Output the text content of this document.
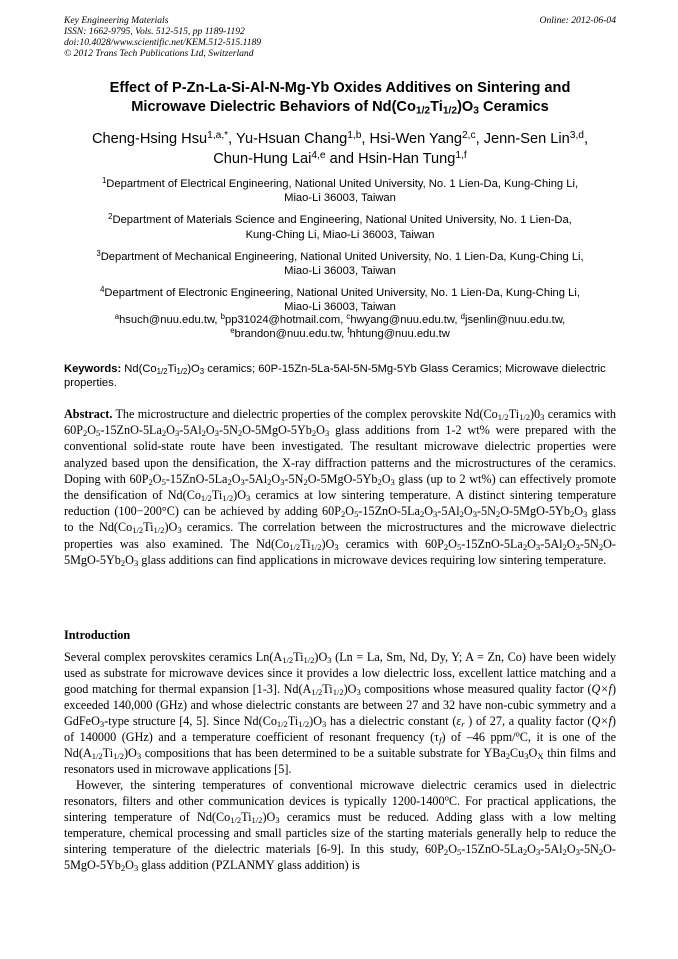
Key Engineering Materials
ISSN: 1662-9795, Vols. 512-515, pp 1189-1192
doi:10.4028/www.scientific.net/KEM.512-515.1189
© 2012 Trans Tech Publications Ltd, Switzerland
Online: 2012-06-04
Effect of P-Zn-La-Si-Al-N-Mg-Yb Oxides Additives on Sintering and
Microwave Dielectric Behaviors of $Nd(Co_{1/2}Ti_{1/2})O_3$ Ceramics
Cheng-Hsing Hsu$^{1,a,*}$, Yu-Hsuan Chang$^{1,b}$, Hsi-Wen Yang$^{2,c}$, Jenn-Sen Lin$^{3,d}$,
Chun-Hung Lai$^{4,e}$ and Hsin-Han Tung$^{1,f}$
$^1$Department of Electrical Engineering, National United University, No. 1 Lien-Da, Kung-Ching Li,
Miao-Li 36003, Taiwan
$^2$Department of Materials Science and Engineering, National United University, No. 1 Lien-Da,
Kung-Ching Li, Miao-Li 36003, Taiwan
$^3$Department of Mechanical Engineering, National United University, No. 1 Lien-Da, Kung-Ching Li,
Miao-Li 36003, Taiwan
$^4$Department of Electronic Engineering, National United University, No. 1 Lien-Da, Kung-Ching Li,
Miao-Li 36003, Taiwan
$^a$hsuch@nuu.edu.tw, $^b$pp31024@hotmail.com, $^c$hwyang@nuu.edu.tw, $^d$jsenlin@nuu.edu.tw,
$^e$brandon@nuu.edu.tw, $^f$hhtung@nuu.edu.tw
Keywords: $Nd(Co_{1/2}Ti_{1/2})O_3$ ceramics; 60P-15Zn-5La-5Al-5N-5Mg-5Yb Glass Ceramics; Microwave dielectric properties.
Abstract. The microstructure and dielectric properties of the complex perovskite $Nd(Co_{1/2}Ti_{1/2})0_3$ ceramics with $60P_2O_5-15ZnO-5La_2O_3-5Al_2O_3-5N_2O-5MgO-5Yb_2O_3$ glass additions from 1-2 wt% were prepared with the conventional solid-state route have been investigated. The resultant microwave dielectric properties were analyzed based upon the densification, the X-ray diffraction patterns and the microstructures of the ceramics. Doping with $60P_2O_5-15ZnO-5La_2O_3-5Al_2O_3-5N_2O-5MgO-5Yb_2O_3$ glass (up to 2 wt%) can effectively promote the densification of $Nd(Co_{1/2}Ti_{1/2})O_3$ ceramics at low sintering temperature. A distinct sintering temperature reduction (100−200°C) can be achieved by adding $60P_2O_5-15ZnO-5La_2O_3-5Al_2O_3-5N_2O-5MgO-5Yb_2O_3$ glass to the $Nd(Co_{1/2}Ti_{1/2})O_3$ ceramics. The correlation between the microstructures and the microwave dielectric properties was also examined. The $Nd(Co_{1/2}Ti_{1/2})O_3$ ceramics with $60P_2O_5-15ZnO-5La_2O_3-5Al_2O_3-5N_2O-5MgO-5Yb_2O_3$ glass additions can find applications in microwave devices requiring low sintering temperature.
Introduction

Several complex perovskites ceramics $Ln(A_{1/2}Ti_{1/2})O_3$ (Ln = La, Sm, Nd, Dy, Y; A = Zn, Co) have been widely used as substrate for microwave devices since it provides a low dielectric loss, excellent lattice matching and a good matching for thermal expansion [1-3]. $Nd(A_{1/2}Ti_{1/2})O_3$ compositions whose measured quality factor (Q×f) exceeded 140,000 (GHz) and whose dielectric constants are between 27 and 32 have non-cubic symmetry and a GdFeO$_3$-type structure [4, 5]. Since $Nd(Co_{1/2}Ti_{1/2})O_3$ has a dielectric constant ($\varepsilon_r$ ) of 27, a quality factor (Q×f) of 140000 (GHz) and a temperature coefficient of resonant frequency $(\tau_f)$ of –46 ppm/$^o$C, it is one of the $Nd(A_{1/2}Ti_{1/2})O_3$ compositions that has been determined to be a suitable substrate for $YBa_2Cu_3O_X$ thin films and resonators used in microwave applications [5].

However, the sintering temperatures of conventional microwave dielectric ceramics used in dielectric resonators, filters and other communication devices is typically 1200-1400$^o$C. For practical applications, the sintering temperature of $Nd(Co_{1/2}Ti_{1/2})O_3$ ceramics must be reduced. Adding glass with a low melting temperature, chemical processing and small particles size of the starting materials generally help to reduce the sintering temperature of the dielectric materials [6-9]. In this study, $60P_2O_5-15ZnO-5La_2O_3-5Al_2O_3-5N_2O-5MgO-5Yb_2O_3$ glass addition (PZLANMY glass addition) is
